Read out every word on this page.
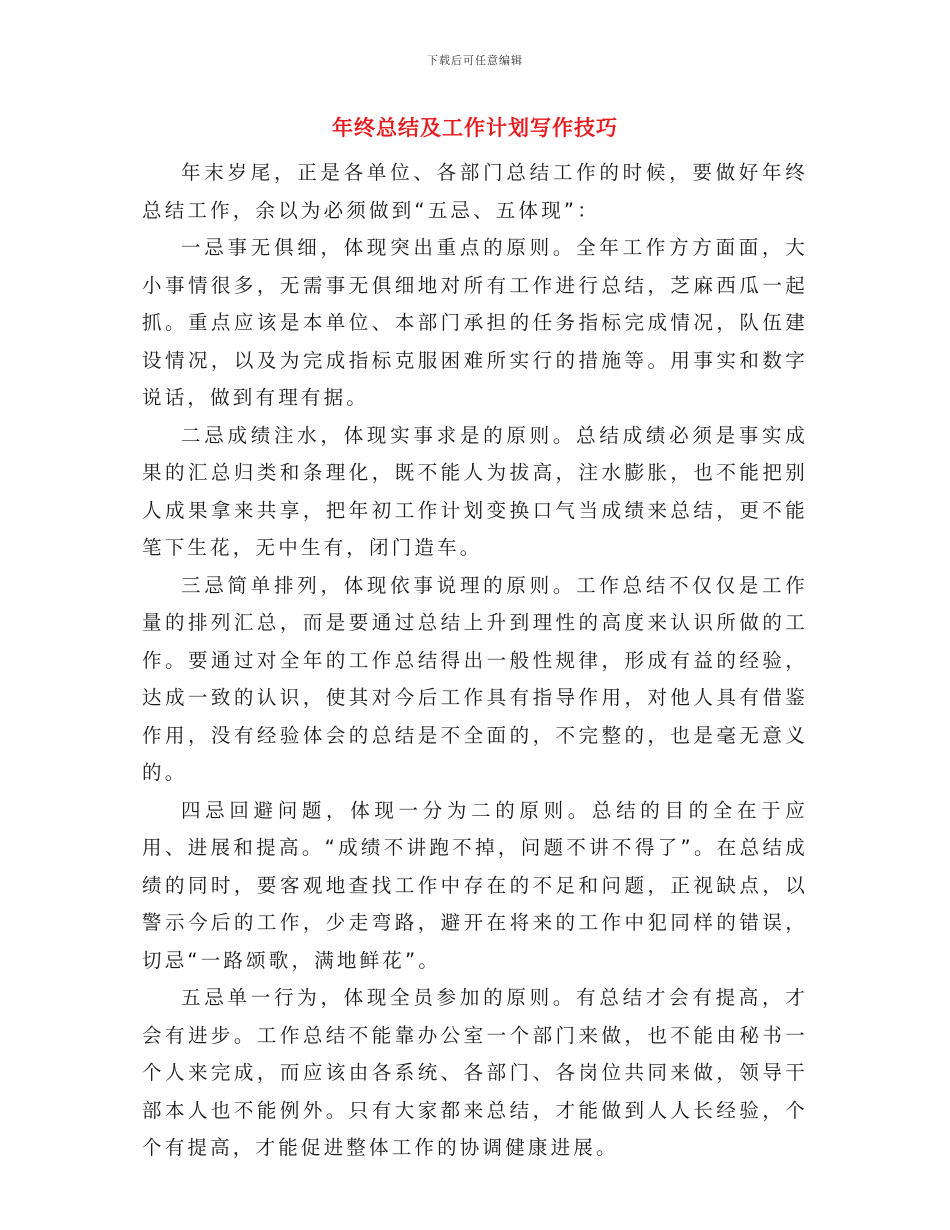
下载后可任意编辑
年终总结及工作计划写作技巧

年末岁尾，正是各单位、各部门总结工作的时候，要做好年终总结工作，余以为必须做到“五忌、五体现”：

一忌事无俱细，体现突出重点的原则。全年工作方方面面，大小事情很多，无需事无俱细地对所有工作进行总结，芝麻西瓜一起抓。重点应该是本单位、本部门承担的任务指标完成情况，队伍建设情况，以及为完成指标克服困难所实行的措施等。用事实和数字说话，做到有理有据。

二忌成绩注水，体现实事求是的原则。总结成绩必须是事实成果的汇总归类和条理化，既不能人为拔高，注水膨胀，也不能把别人成果拿来共享，把年初工作计划变换口气当成绩来总结，更不能笔下生花，无中生有，闭门造车。

三忌简单排列，体现依事说理的原则。工作总结不仅仅是工作量的排列汇总，而是要通过总结上升到理性的高度来认识所做的工作。要通过对全年的工作总结得出一般性规律，形成有益的经验，达成一致的认识，使其对今后工作具有指导作用，对他人具有借鉴作用，没有经验体会的总结是不全面的，不完整的，也是毫无意义的。

四忌回避问题，体现一分为二的原则。总结的目的全在于应用、进展和提高。“成绩不讲跑不掉，问题不讲不得了”。在总结成绩的同时，要客观地查找工作中存在的不足和问题，正视缺点，以警示今后的工作，少走弯路，避开在将来的工作中犯同样的错误，切忌“一路颂歌，满地鲜花”。

五忌单一行为，体现全员参加的原则。有总结才会有提高，才会有进步。工作总结不能靠办公室一个部门来做，也不能由秘书一个人来完成，而应该由各系统、各部门、各岗位共同来做，领导干部本人也不能例外。只有大家都来总结，才能做到人人长经验，个个有提高，才能促进整体工作的协调健康进展。
